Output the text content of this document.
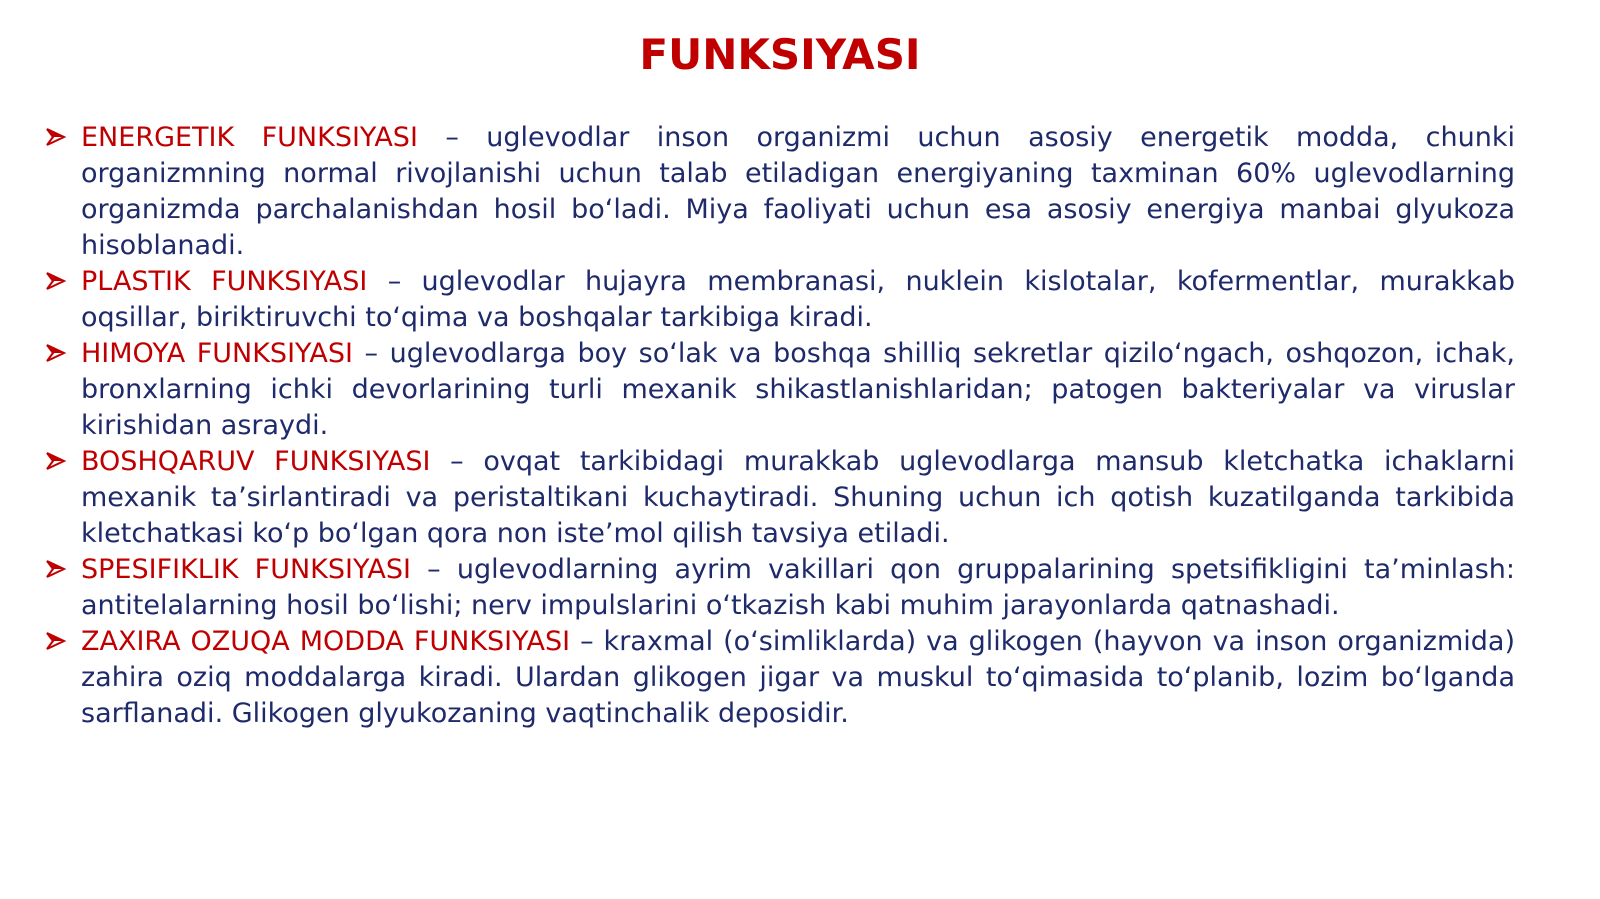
FUNKSIYASI
ENERGETIK FUNKSIYASI – uglevodlar inson organizmi uchun asosiy energetik modda, chunki organizmning normal rivojlanishi uchun talab etiladigan energiyaning taxminan 60% uglevodlarning organizmda parchalanishdan hosil bo‘ladi. Miya faoliyati uchun esa asosiy energiya manbai glyukoza hisoblanadi.
PLASTIK FUNKSIYASI – uglevodlar hujayra membranasi, nuklein kislotalar, kofermentlar, murakkab oqsillar, biriktiruvchi to‘qima va boshqalar tarkibiga kiradi.
HIMOYA FUNKSIYASI – uglevodlarga boy so‘lak va boshqa shilliq sekretlar qizilo‘ngach, oshqozon, ichak, bronxlarning ichki devorlarining turli mexanik shikastlanishlaridan; patogen bakteriyalar va viruslar kirishidan asraydi.
BOSHQARUV FUNKSIYASI – ovqat tarkibidagi murakkab uglevodlarga mansub kletchatka ichaklarni mexanik ta’sirlantiradi va peristaltikani kuchaytiradi. Shuning uchun ich qotish kuzatilganda tarkibida kletchatkasi ko‘p bo‘lgan qora non iste’mol qilish tavsiya etiladi.
SPESIFIKLIK FUNKSIYASI – uglevodlarning ayrim vakillari qon gruppalarining spetsifikligini ta’minlash: antitelalarning hosil bo‘lishi; nerv impulslarini o‘tkazish kabi muhim jarayonlarda qatnashadi.
ZAXIRA OZUQA MODDA FUNKSIYASI – kraxmal (o‘simliklarda) va glikogen (hayvon va inson organizmida) zahira oziq moddalarga kiradi. Ulardan glikogen jigar va muskul to‘qimasida to‘planib, lozim bo‘lganda sarflanadi. Glikogen glyukozaning vaqtinchalik deposidir.
